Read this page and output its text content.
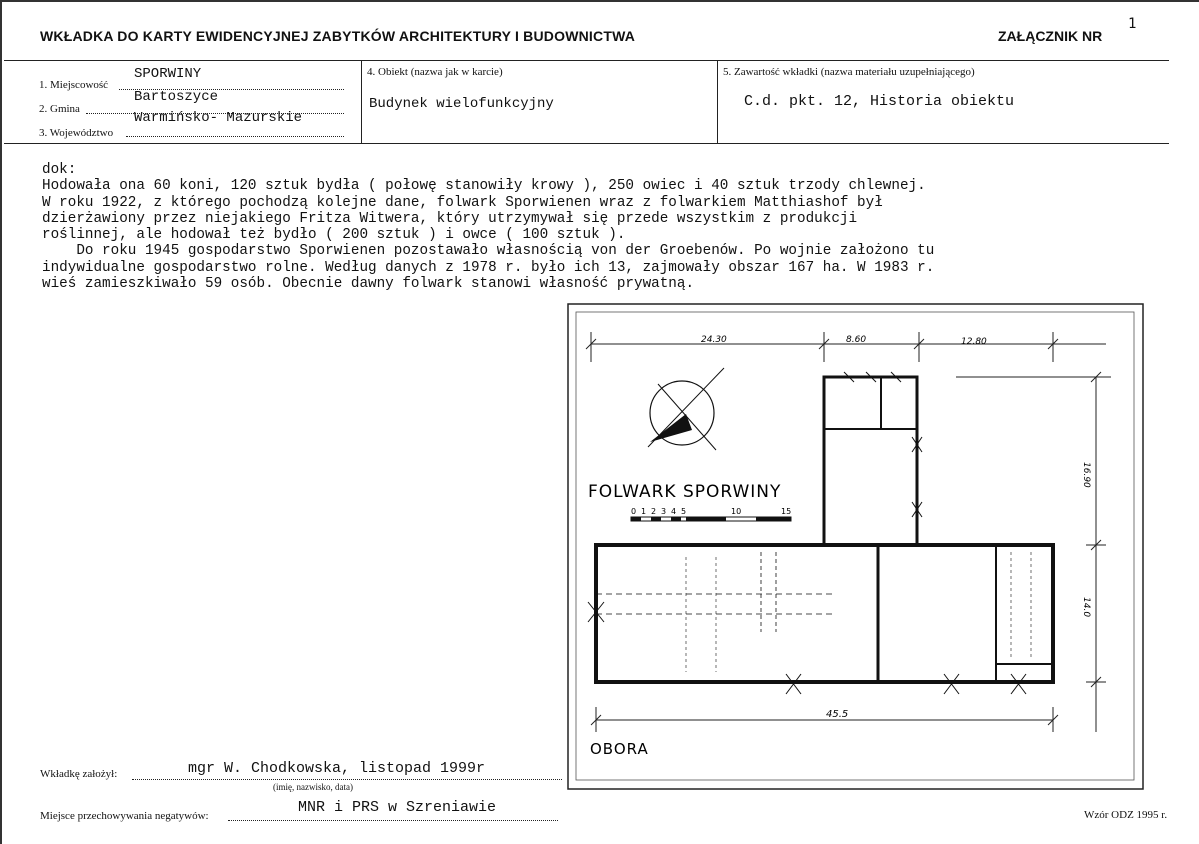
WKŁADKA DO KARTY EWIDENCYJNEJ ZABYTKÓW ARCHITEKTURY I BUDOWNICTWA	ZAŁĄCZNIK NR
1
1. Miejscowość
SPORWINY
2. Gmina
Bartoszyce
3. Województwo
Warmińsko- Mazurskie
4. Obiekt (nazwa jak w karcie)
Budynek wielofunkcyjny
5. Zawartość wkładki (nazwa materiału uzupełniającego)
C.d. pkt. 12, Historia obiektu
dok:
Hodowała ona 60 koni, 120 sztuk bydła ( połowę stanowiły krowy ), 250 owiec i 40 sztuk trzody chlewnej.
W roku 1922, z którego pochodzą kolejne dane, folwark Sporwienen wraz z folwarkiem Matthiashof był
dzierżawiony przez niejakiego Fritza Witwera, który utrzymywał się przede wszystkim z produkcji
roślinnej, ale hodował też bydło ( 200 sztuk ) i owce ( 100 sztuk ).
Do roku 1945 gospodarstwo Sporwienen pozostawało własnością von der Groebenów. Po wojnie założono tu
indywidualne gospodarstwo rolne. Według danych z 1978 r. było ich 13, zajmowały obszar 167 ha. W 1983 r.
wieś zamieszkiwało 59 osób. Obecnie dawny folwark stanowi własność prywatną.
24.30	8.60	12.80
16.90
14.0
FOLWARK SPORWINY
0 1 2 3 4 5	10	15
45.5
OBORA
Wkładkę założył:	mgr W. Chodkowska, listopad 1999r
(imię, nazwisko, data)
Miejsce przechowywania negatywów:	MNR i PRS w Szreniawie	Wzór ODZ 1995 r.
